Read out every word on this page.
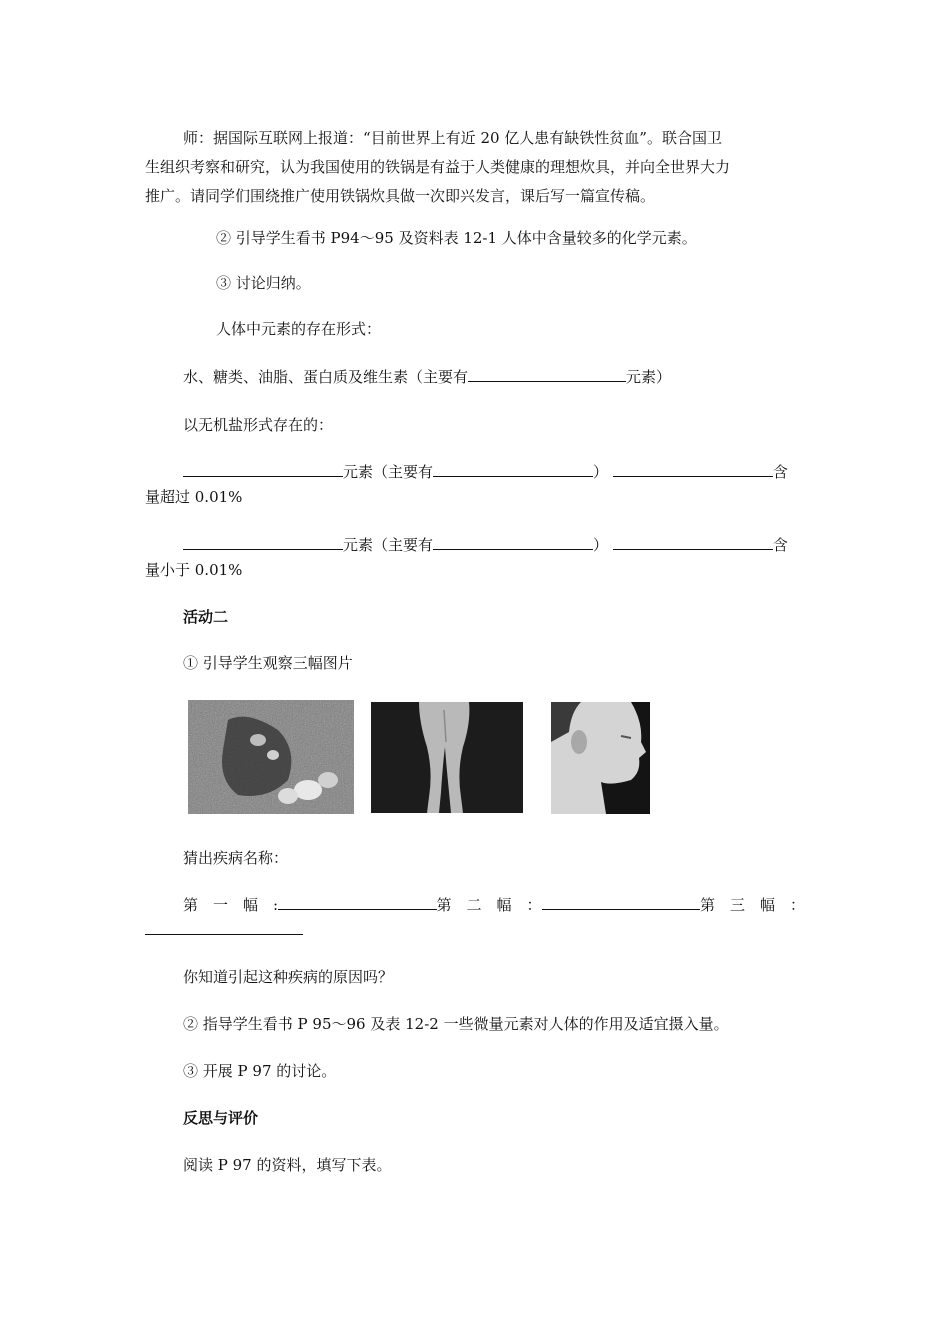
师：据国际互联网上报道：“目前世界上有近 20 亿人患有缺铁性贫血”。联合国卫
生组织考察和研究，认为我国使用的铁锅是有益于人类健康的理想炊具，并向全世界大力
推广。请同学们围绕推广使用铁锅炊具做一次即兴发言，课后写一篇宣传稿。
② 引导学生看书 P94～95 及资料表 12-1 人体中含量较多的化学元素。
③ 讨论归纳。
人体中元素的存在形式：
水、糖类、油脂、蛋白质及维生素（主要有	元素）
以无机盐形式存在的：
元素（主要有	）	含
量超过 0.01%
元素（主要有	）	含
量小于 0.01%
活动二
① 引导学生观察三幅图片
猜出疾病名称：
第　一　幅　:	第　二　幅　：	第　三　幅　：
你知道引起这种疾病的原因吗？
② 指导学生看书 P 95～96 及表 12-2 一些微量元素对人体的作用及适宜摄入量。
③ 开展 P 97 的讨论。
反思与评价
阅读 P 97 的资料，填写下表。
